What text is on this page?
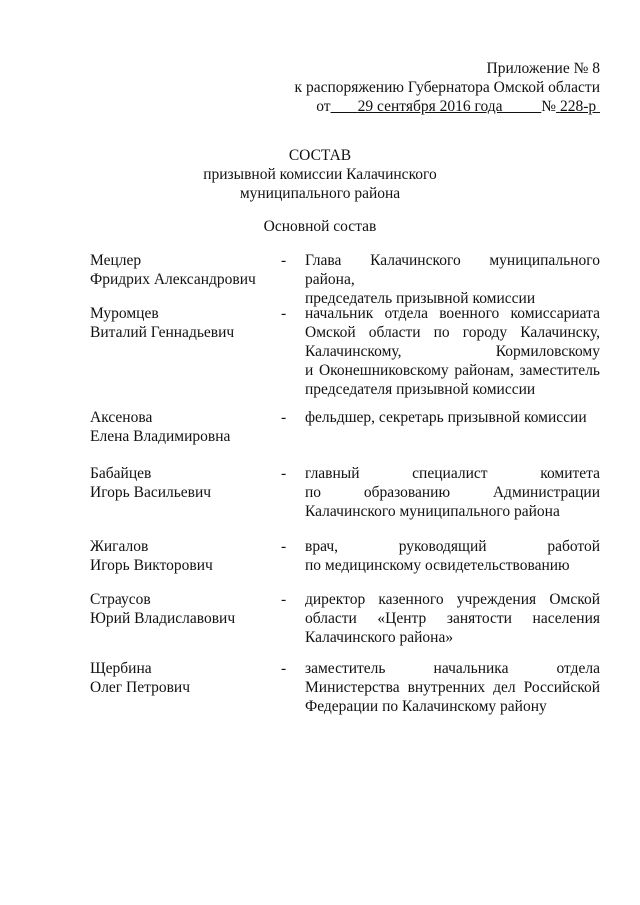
Приложение № 8
к распоряжению Губернатора Омской области
от 29 сентября 2016 года	№ 228-р
СОСТАВ
призывной комиссии Калачинского
муниципального района
Основной состав
Мецлер
Фридрих Александрович
- Глава Калачинского муниципального района,
председатель призывной комиссии
Муромцев
Виталий Геннадьевич
- начальник отдела военного комиссариата
Омской области по городу Калачинску,
Калачинскому, Кормиловскому
и Оконешниковскому районам, заместитель
председателя призывной комиссии
Аксенова
Елена Владимировна
- фельдшер, секретарь призывной комиссии
Бабайцев
Игорь Васильевич
- главный специалист комитета
по образованию Администрации
Калачинского муниципального района
Жигалов
Игорь Викторович
- врач, руководящий работой
по медицинскому освидетельствованию
Страусов
Юрий Владиславович
- директор казенного учреждения Омской
области «Центр занятости населения
Калачинского района»
Щербина
Олег Петрович
- заместитель начальника отдела
Министерства внутренних дел Российской
Федерации по Калачинскому району
